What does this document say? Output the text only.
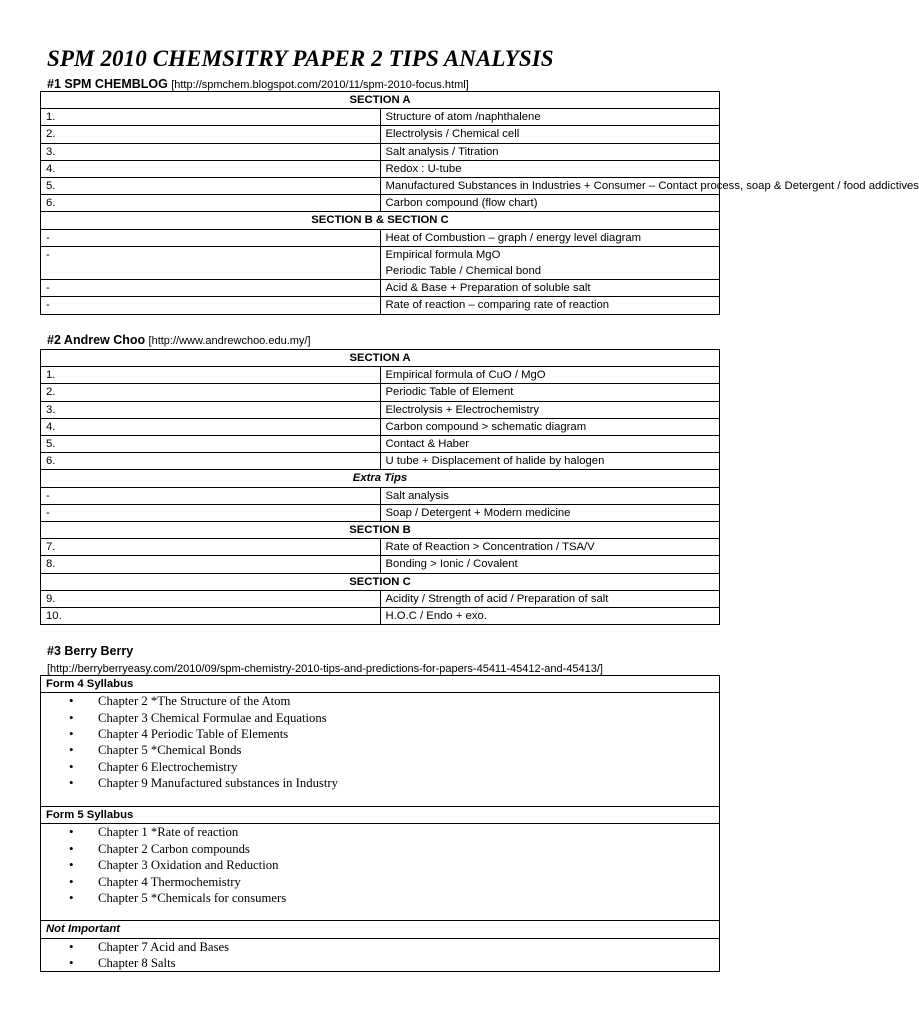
SPM 2010 CHEMSITRY PAPER 2 TIPS ANALYSIS

#1 SPM CHEMBLOG [http://spmchem.blogspot.com/2010/11/spm-2010-focus.html]

SECTION A	
1.	Structure of atom /naphthalene
2.	Electrolysis / Chemical cell
3.	Salt analysis / Titration
4.	Redox : U-tube
5.	Manufactured Substances in Industries + Consumer – Contact process, soap & Detergent / food addictives
6.	Carbon compound (flow chart)
SECTION B & SECTION C	
-	Heat of Combustion – graph / energy level diagram
-	Empirical formula MgO
Periodic Table / Chemical bond

-	Acid & Base + Preparation of soluble salt
-	Rate of reaction – comparing rate of reaction

#2 Andrew Choo [http://www.andrewchoo.edu.my/]

SECTION A	
1.	Empirical formula of CuO / MgO
2.	Periodic Table of Element
3.	Electrolysis + Electrochemistry
4.	Carbon compound > schematic diagram
5.	Contact & Haber
6.	U tube + Displacement of halide by halogen
Extra Tips	
-	Salt analysis
-	Soap / Detergent + Modern medicine
SECTION B	
7.	Rate of Reaction > Concentration / TSA/V
8.	Bonding > Ionic / Covalent
SECTION C	
9.	Acidity / Strength of acid / Preparation of salt
10.	H.O.C / Endo + exo.

#3 Berry Berry

[http://berryberryeasy.com/2010/09/spm-chemistry-2010-tips-and-predictions-for-papers-45411-45412-and-45413/]

Form 4 Syllabus

• Chapter 2 *The Structure of the Atom
• Chapter 3 Chemical Formulae and Equations
• Chapter 4 Periodic Table of Elements
• Chapter 5 *Chemical Bonds
• Chapter 6 Electrochemistry
• Chapter 9 Manufactured substances in Industry

Form 5 Syllabus

• Chapter 1 *Rate of reaction
• Chapter 2 Carbon compounds
• Chapter 3 Oxidation and Reduction
• Chapter 4 Thermochemistry
• Chapter 5 *Chemicals for consumers

Not Important

• Chapter 7 Acid and Bases
• Chapter 8 Salts
